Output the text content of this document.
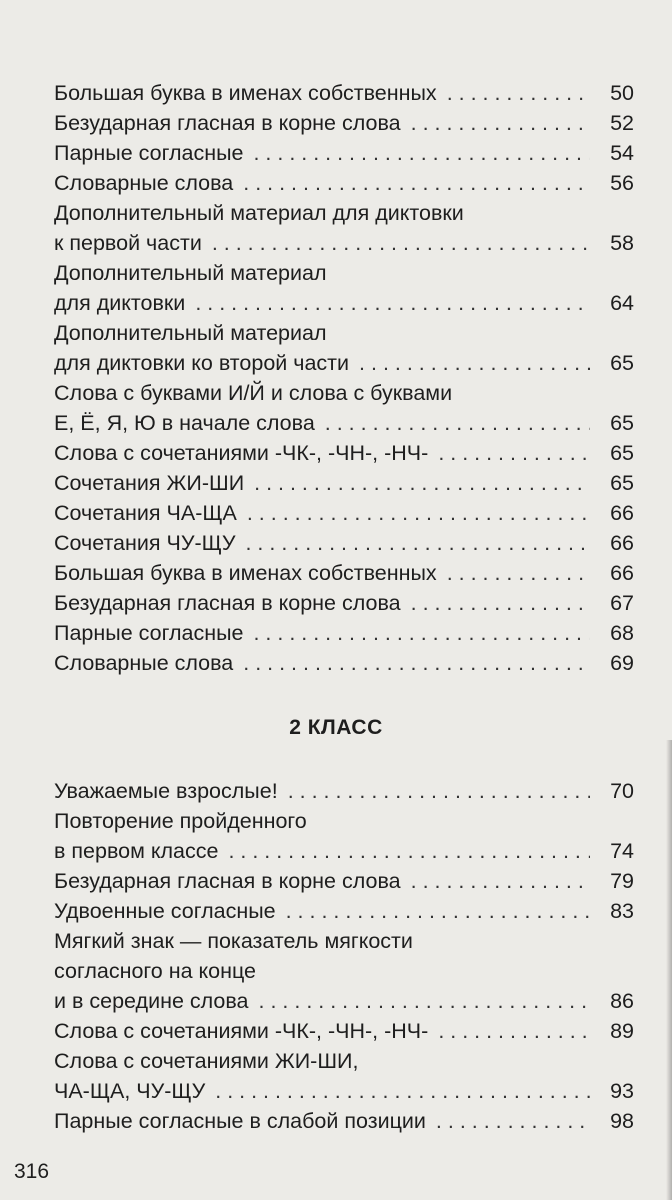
Большая буква в именах собственных . . .	50
Безударная гласная в корне слова . . .	52
Парные согласные . . .	54
Словарные слова . . .	56
Дополнительный материал для диктовки
к первой части . . .	58
Дополнительный материал
для диктовки . . .	64
Дополнительный материал
для диктовки ко второй части . . .	65
Слова с буквами И/Й и слова с буквами
Е, Ё, Я, Ю в начале слова . . .	65
Слова с сочетаниями -ЧК-, -ЧН-, -НЧ- . . .	65
Сочетания ЖИ-ШИ . . .	65
Сочетания ЧА-ЩА . . .	66
Сочетания ЧУ-ЩУ . . .	66
Большая буква в именах собственных . . .	66
Безударная гласная в корне слова . . .	67
Парные согласные . . .	68
Словарные слова . . .	69
2 КЛАСС
Уважаемые взрослые! . . .	70
Повторение пройденного
в первом классе . . .	74
Безударная гласная в корне слова . . .	79
Удвоенные согласные . . .	83
Мягкий знак — показатель мягкости
согласного на конце
и в середине слова . . .	86
Слова с сочетаниями -ЧК-, -ЧН-, -НЧ- . . .	89
Слова с сочетаниями ЖИ-ШИ,
ЧА-ЩА, ЧУ-ЩУ . . .	93
Парные согласные в слабой позиции . . .	98
316
